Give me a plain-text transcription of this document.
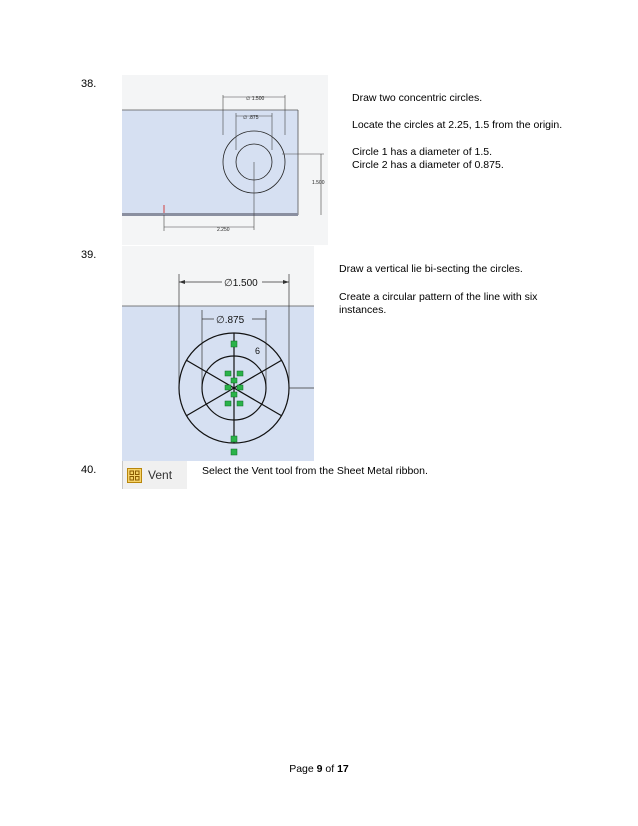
38.
∅ 1.500
∅ .875
2.250
1.500
Draw two concentric circles.
Locate the circles at 2.25, 1.5 from the origin.
Circle 1 has a diameter of 1.5.
Circle 2 has a diameter of 0.875.
39.
∅1.500
∅.875
6
Draw a vertical lie bi-secting the circles.
Create a circular pattern of the line with six
instances.
40.	Vent	Select the Vent tool from the Sheet Metal ribbon.
Page 9 of 17
